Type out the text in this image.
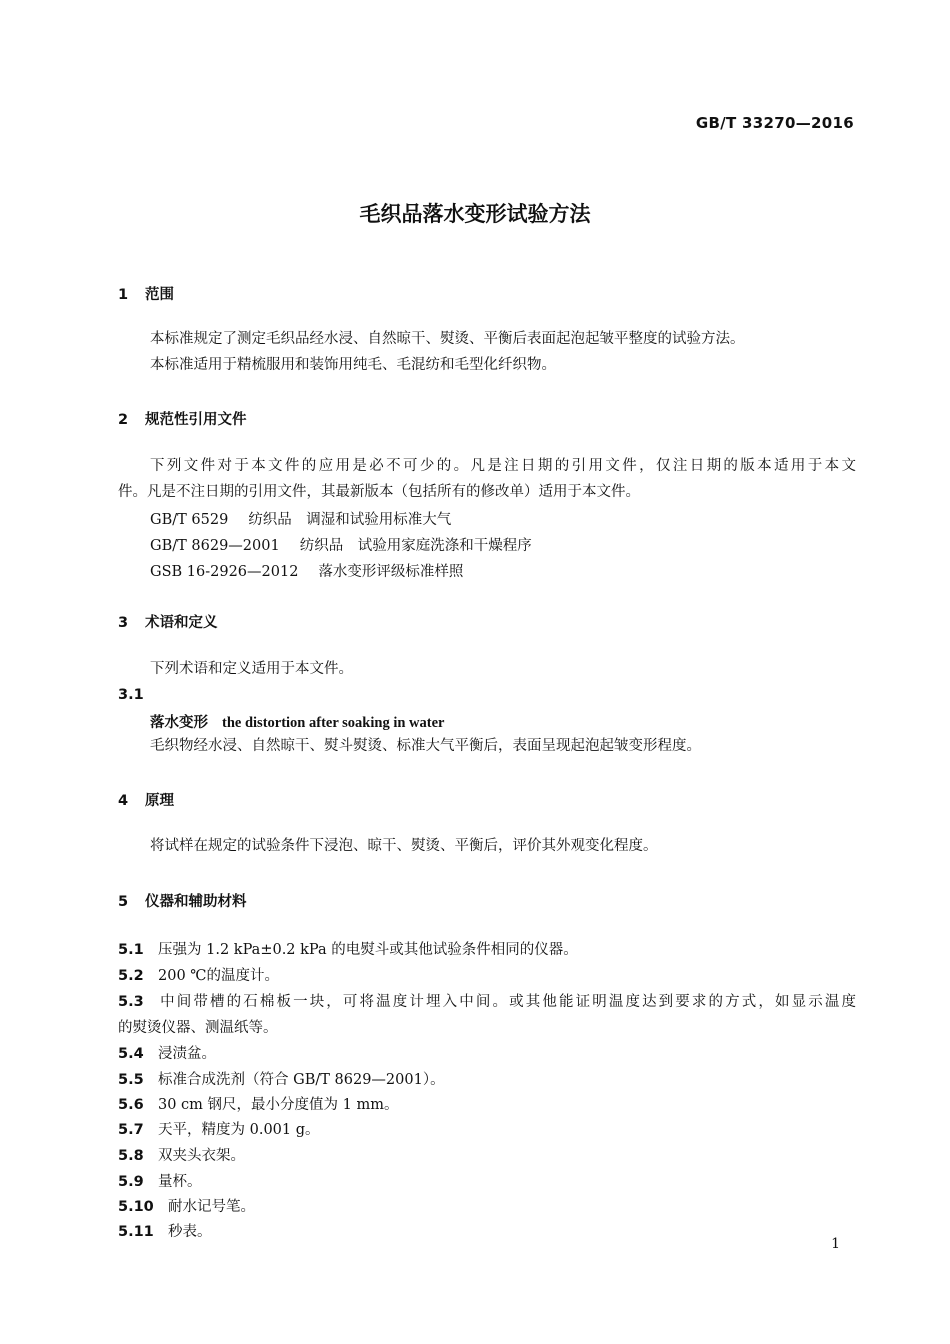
GB/T 33270—2016
毛织品落水变形试验方法
1 范围
本标准规定了测定毛织品经水浸、自然晾干、熨烫、平衡后表面起泡起皱平整度的试验方法。
本标准适用于精梳服用和装饰用纯毛、毛混纺和毛型化纤织物。
2 规范性引用文件
下列文件对于本文件的应用是必不可少的。凡是注日期的引用文件，仅注日期的版本适用于本文
件。凡是不注日期的引用文件，其最新版本（包括所有的修改单）适用于本文件。
GB/T 6529 纺织品　调湿和试验用标准大气
GB/T 8629—2001 纺织品　试验用家庭洗涤和干燥程序
GSB 16-2926—2012 落水变形评级标准样照
3 术语和定义
下列术语和定义适用于本文件。
3.1
落水变形 the distortion after soaking in water
毛织物经水浸、自然晾干、熨斗熨烫、标准大气平衡后，表面呈现起泡起皱变形程度。
4 原理
将试样在规定的试验条件下浸泡、晾干、熨烫、平衡后，评价其外观变化程度。
5 仪器和辅助材料
5.1 压强为 1.2 kPa±0.2 kPa 的电熨斗或其他试验条件相同的仪器。
5.2 200 ℃的温度计。
5.3 中间带槽的石棉板一块，可将温度计埋入中间。或其他能证明温度达到要求的方式，如显示温度
的熨烫仪器、测温纸等。
5.4 浸渍盆。
5.5 标准合成洗剂（符合 GB/T 8629—2001）。
5.6 30 cm 钢尺，最小分度值为 1 mm。
5.7 天平，精度为 0.001 g。
5.8 双夹头衣架。
5.9 量杯。
5.10 耐水记号笔。
5.11 秒表。
1
